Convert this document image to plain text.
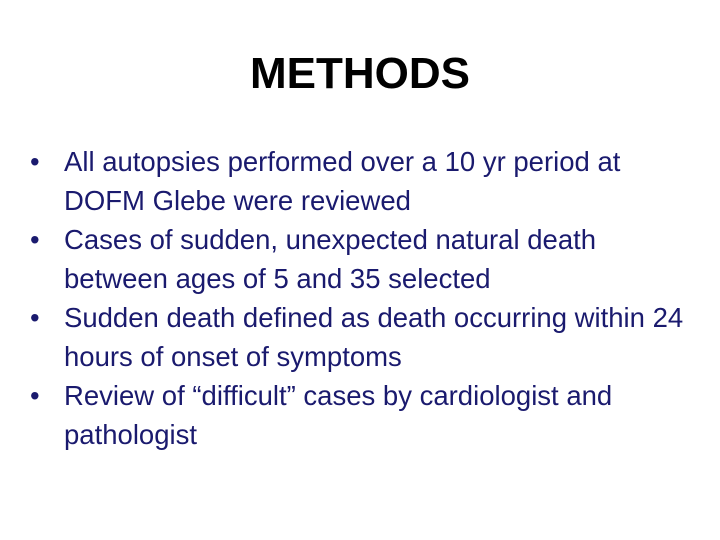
METHODS
• All autopsies performed over a 10 yr period at DOFM Glebe were reviewed
• Cases of sudden, unexpected natural death between ages of 5 and 35 selected
• Sudden death defined as death occurring within 24 hours of onset of symptoms
• Review of “difficult” cases by cardiologist and pathologist
